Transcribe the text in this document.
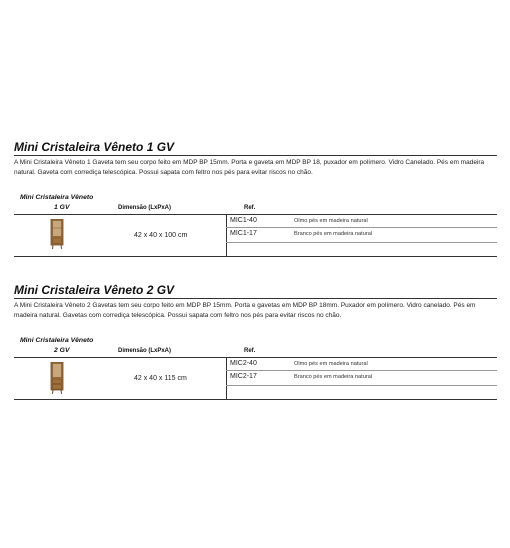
Mini Cristaleira Vêneto 1 GV

A Mini Cristaleira Vêneto 1 Gaveta tem seu corpo feito em MDP BP 15mm. Porta e gaveta em MDP BP 18, puxador em polímero. Vidro Canelado. Pés em madeira natural. Gaveta com corrediça telescópica. Possui sapata com feltro nos pés para evitar riscos no chão.

Mini Cristaleira Vêneto
1 GV	Dimensão (LxPxA)	Ref.
42 x 40 x 100 cm
MIC1-40	Olmo pés em madeira natural
MIC1-17	Branco pés em madeira natural
Mini Cristaleira Vêneto 2 GV

A Mini Cristaleira Vêneto 2 Gavetas tem seu corpo feito em MDP BP 15mm. Porta e gavetas em MDP BP 18mm. Puxador em polímero. Vidro canelado. Pés em madeira natural. Gavetas com corrediça telescópica. Possui sapata com feltro nos pés para evitar riscos no chão.

Mini Cristaleira Vêneto
2 GV	Dimensão (LxPxA)	Ref.
42 x 40 x 115 cm
MIC2-40	Olmo pés em madeira natural
MIC2-17	Branco pés em madeira natural
